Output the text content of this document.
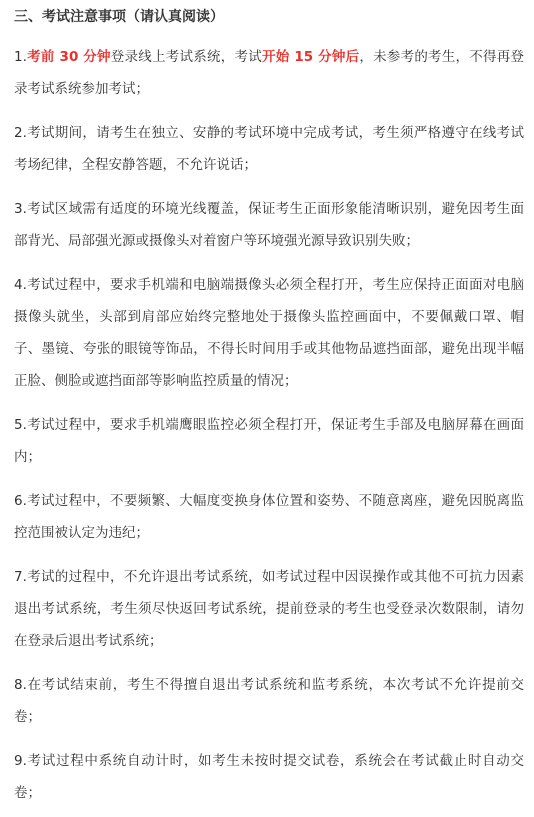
三、考试注意事项（请认真阅读）

1.考前 30 分钟登录线上考试系统，考试开始 15 分钟后，未参考的考生，不得再登录考试系统参加考试；

2.考试期间，请考生在独立、安静的考试环境中完成考试，考生须严格遵守在线考试考场纪律，全程安静答题，不允许说话；

3.考试区域需有适度的环境光线覆盖，保证考生正面形象能清晰识别，避免因考生面部背光、局部强光源或摄像头对着窗户等环境强光源导致识别失败；

4.考试过程中，要求手机端和电脑端摄像头必须全程打开，考生应保持正面面对电脑摄像头就坐，头部到肩部应始终完整地处于摄像头监控画面中，不要佩戴口罩、帽子、墨镜、夸张的眼镜等饰品，不得长时间用手或其他物品遮挡面部，避免出现半幅正脸、侧脸或遮挡面部等影响监控质量的情况；

5.考试过程中，要求手机端鹰眼监控必须全程打开，保证考生手部及电脑屏幕在画面内；

6.考试过程中，不要频繁、大幅度变换身体位置和姿势、不随意离座，避免因脱离监控范围被认定为违纪；

7.考试的过程中，不允许退出考试系统，如考试过程中因误操作或其他不可抗力因素退出考试系统，考生须尽快返回考试系统，提前登录的考生也受登录次数限制，请勿在登录后退出考试系统；

8.在考试结束前，考生不得擅自退出考试系统和监考系统，本次考试不允许提前交卷；

9.考试过程中系统自动计时，如考生未按时提交试卷，系统会在考试截止时自动交卷；
